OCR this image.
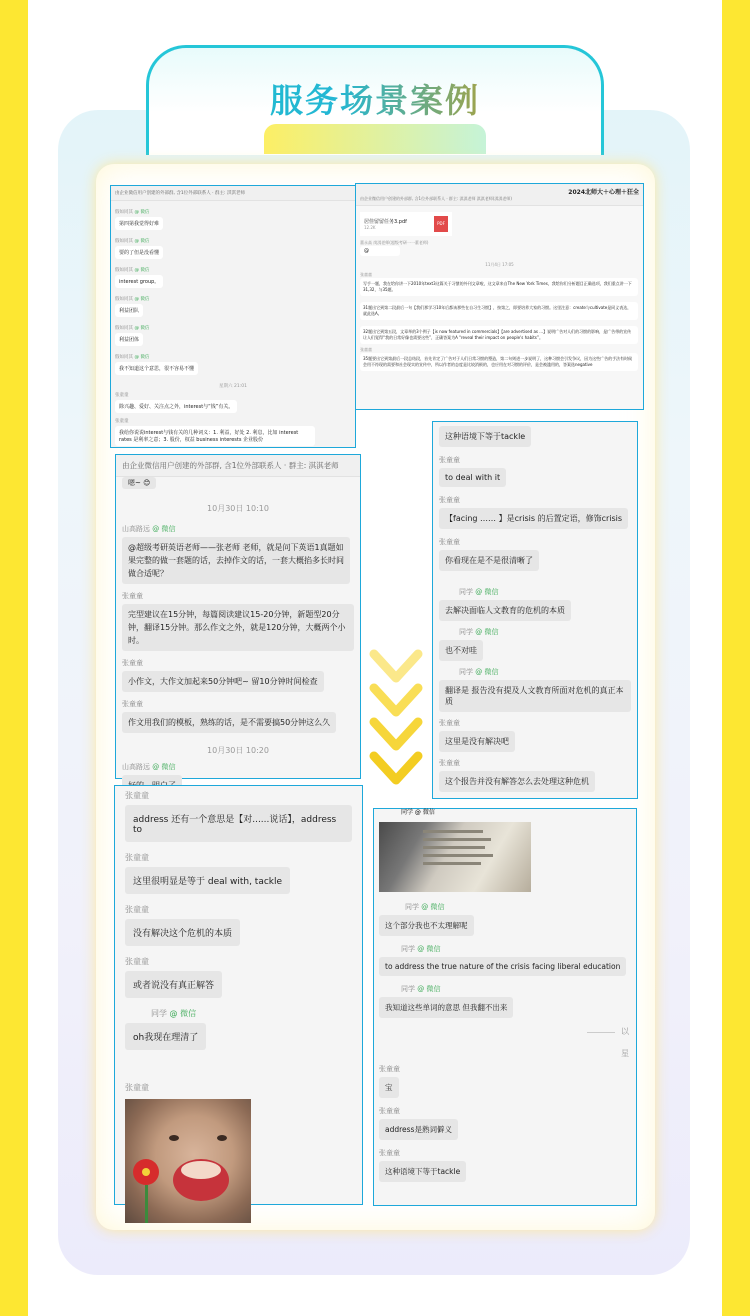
服务场景案例
由企业微信用户创建的外部群, 含1位外部联系人 · 群主: 淇淇老师
假如同其 @ 微信
第四第我觉得好难
假如同其 @ 微信
要的了但是没看懂
假如同其 @ 微信
interest group。
假如同其 @ 微信
利益团队
假如同其 @ 微信
利益团体
假如同其 @ 微信
我不知道这个意思，很不容易不懂
星期六 21:01
张童童
除兴趣、爱好、关注点之外，interest与“钱”有关。
张童童
我给你说说interest与钱有关的几种词义：1. 利益，好处 2. 利息，比如 interest rates 是利率之意；3. 股份，权益 business interests 企业股份
2024北师大＋心理＋狂全
由企业微信用户创建的外部群, 含1位外部联系人 · 群主: 淇淇老师 淇淇老师(淇淇老师)
居佳留留任务3.pdf
12.2K
PDF
董永高 岗淇老师(超级考研一一董老师)
@
11月4日 17:05
张童童
写手一题，我在给你讲一下2010年text3这篇关于习惯的外刊文章啦，这文章来自The New York Times，我给你们分析题目正确选项，我们重点讲一下31,32，与35题。 31题出它到第二段最后一句【我们那学习10年后都该那些在自习生习惯】，按第之，即要培养大家的习惯。这里注意：create与cultivate是同义表达，就此选A。 32题出它到第五段，文章举的3个例子【is now featured in commercials】【are advertised as ...】说明广告对人们的习惯的影响，是广告带的宣传让人们觉得“我的日常好像也需要这些”，正确答案为A “reveal their impact on people's habits”。
张童童
35题要出它到第最后一段总结段，首先肯定了广告对于人们日常习惯的塑造，第二句则进一步说明了，这种习惯会引发争议，因为这些广告的手法有时候会用不符现的需要和社会现实的宣传中，所以作者的态度是比较消极的，也应用在对习惯的评价，是会被滥用的，答案选negative
由企业微信用户创建的外部群, 含1位外部联系人 · 群主: 淇淇老师
嗯~ 😊
10月30日 10:10
山高路远 @ 微信
@超级考研英语老师——张老师 老师，就是问下英语1真题如果完整的做一套题的话，去掉作文的话，一套大概掐多长时间做合适呢？
张童童
完型建议在15分钟，每篇阅读建议15-20分钟，新题型20分钟，翻译15分钟。那么作文之外，就是120分钟，大概两个小时。
张童童
小作文，大作文加起来50分钟吧~ 留10分钟时间检查
张童童
作文用我们的模板，熟练的话，是不需要搞50分钟这么久
10月30日 10:20
山高路远 @ 微信
这种语境下等于tackle
张童童
to deal with it
张童童
【facing …… 】是crisis 的后置定语，修饰crisis
张童童
你看现在是不是很清晰了
同学 @ 微信
去解决面临人文教育的危机的本质
同学 @ 微信
也不对哇
同学 @ 微信
翻译是 报告没有提及人文教育所面对危机的真正本质
张童童
这里是没有解决吧
张童童
这个报告并没有解答怎么去处理这种危机
张童童
address 还有一个意思是【对......说话】，address to
张童童
这里很明显是等于 deal with, tackle
张童童
没有解决这个危机的本质
张童童
或者说没有真正解答
同学 @ 微信
oh我现在理清了
张童童
同学 @ 微信
同学 @ 微信
这个部分我也不太理解呢
同学 @ 微信
to address the true nature of the crisis facing liberal education
同学 @ 微信
我知道这些单词的意思 但我翻不出来
以
星
张童童
宝
张童童
address是熟词僻义
张童童
这种语境下等于tackle
